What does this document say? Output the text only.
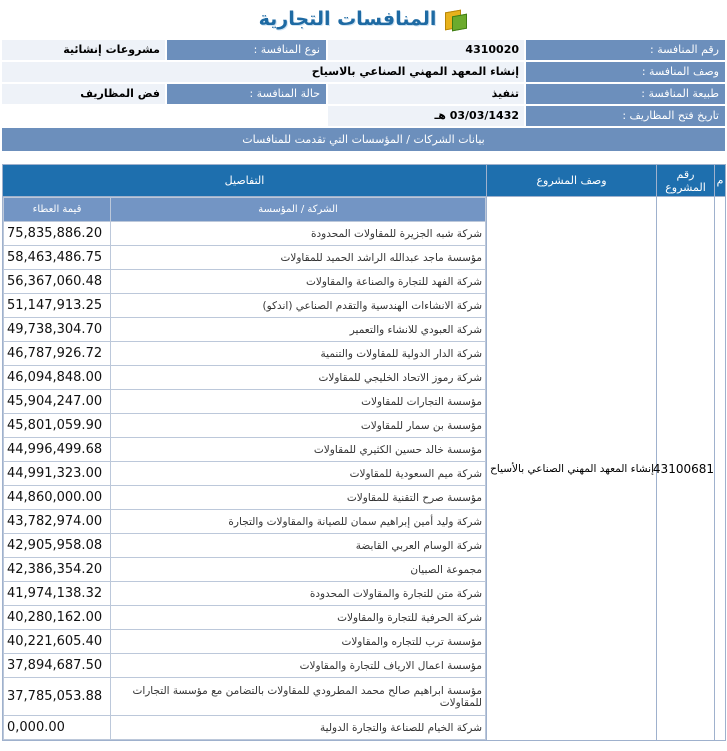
المنافسات التجارية
رقم المنافسة :
4310020
نوع المنافسة :
مشروعات إنشائية
وصف المنافسة :
إنشاء المعهد المهني الصناعي بالاسياح
طبيعة المنافسة :
تنفيذ
حالة المنافسة :
فض المظاريف
تاريخ فتح المظاريف :
03/03/1432 هـ
بيانات الشركات / المؤسسات التي تقدمت للمنافسات
م	رقم المشروع	وصف المشروع	التفاصيل
	43100681	إنشاء المعهد المهني الصناعي بالأسياح	
الشركة / المؤسسة	قيمة العطاء
شركة شبه الجزيرة للمقاولات المحدودة	75,835,886.20
مؤسسة ماجد عبدالله الراشد الحميد للمقاولات	58,463,486.75
شركة الفهد للتجارة والصناعة والمقاولات	56,367,060.48
شركة الانشاءات الهندسية والتقدم الصناعي (اندكو)	51,147,913.25
شركة العبودي للانشاء والتعمير	49,738,304.70
شركة الدار الدولية للمقاولات والتنمية	46,787,926.72
شركة رموز الاتحاد الخليجي للمقاولات	46,094,848.00
مؤسسة التجارات للمقاولات	45,904,247.00
مؤسسة بن سمار للمقاولات	45,801,059.90
مؤسسة خالد حسين الكثيري للمقاولات	44,996,499.68
شركة ميم السعودية للمقاولات	44,991,323.00
مؤسسة صرح التقنية للمقاولات	44,860,000.00
شركة وليد أمين إبراهيم سمان للصيانة والمقاولات والتجارة	43,782,974.00
شركة الوسام العربي القابضة	42,905,958.08
مجموعة الصبيان	42,386,354.20
شركة متن للتجارة والمقاولات المحدودة	41,974,138.32
شركة الحرفية للتجارة والمقاولات	40,280,162.00
مؤسسة ترب للتجاره والمقاولات	40,221,605.40
مؤسسة اعمال الارياف للتجارة والمقاولات	37,894,687.50
مؤسسة ابراهيم صالح محمد المطرودي للمقاولات بالتضامن مع مؤسسة التجارات للمقاولات	37,785,053.88
شركة الخيام للصناعة والتجارة الدولية	0,000.00
